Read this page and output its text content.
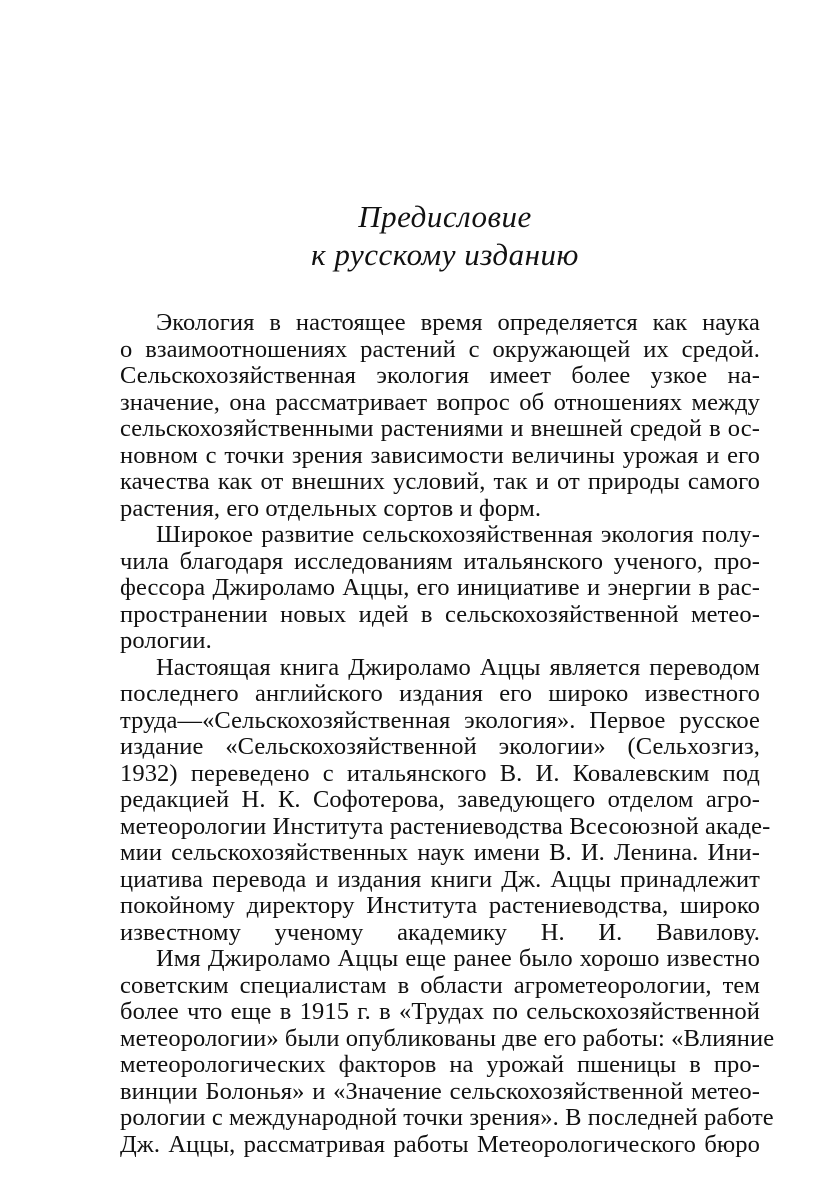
Предисловие
к русскому изданию
Экология в настоящее время определяется как наука
о взаимоотношениях растений с окружающей их средой.
Сельскохозяйственная экология имеет более узкое на-
значение, она рассматривает вопрос об отношениях между
сельскохозяйственными растениями и внешней средой в ос-
новном с точки зрения зависимости величины урожая и его
качества как от внешних условий, так и от природы самого
растения, его отдельных сортов и форм.
Широкое развитие сельскохозяйственная экология полу-
чила благодаря исследованиям итальянского ученого, про-
фессора Джироламо Аццы, его инициативе и энергии в рас-
пространении новых идей в сельскохозяйственной метео-
рологии.
Настоящая книга Джироламо Аццы является переводом
последнего английского издания его широко известного
труда—«Сельскохозяйственная экология». Первое русское
издание «Сельскохозяйственной экологии» (Сельхозгиз,
1932) переведено с итальянского В. И. Ковалевским под
редакцией Н. К. Софотерова, заведующего отделом агро-
метеорологии Института растениеводства Всесоюзной акаде-
мии сельскохозяйственных наук имени В. И. Ленина. Ини-
циатива перевода и издания книги Дж. Аццы принадлежит
покойному директору Института растениеводства, широко
известному ученому академику Н. И. Вавилову.
Имя Джироламо Аццы еще ранее было хорошо известно
советским специалистам в области агрометеорологии, тем
более что еще в 1915 г. в «Трудах по сельскохозяйственной
метеорологии» были опубликованы две его работы: «Влияние
метеорологических факторов на урожай пшеницы в про-
винции Болонья» и «Значение сельскохозяйственной метео-
рологии с международной точки зрения». В последней работе
Дж. Аццы, рассматривая работы Метеорологического бюро
